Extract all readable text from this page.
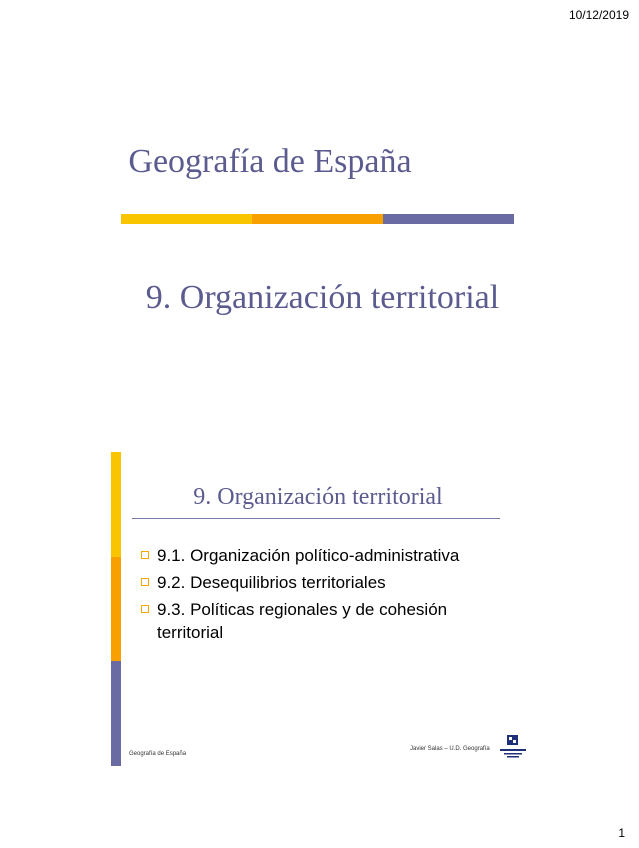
10/12/2019
Geografía de España
9. Organización territorial
9. Organización territorial
9.1. Organización político-administrativa
9.2. Desequilibrios territoriales
9.3. Políticas regionales y de cohesión territorial
Geografía de España
Javier Salas – U.D. Geografía
1
